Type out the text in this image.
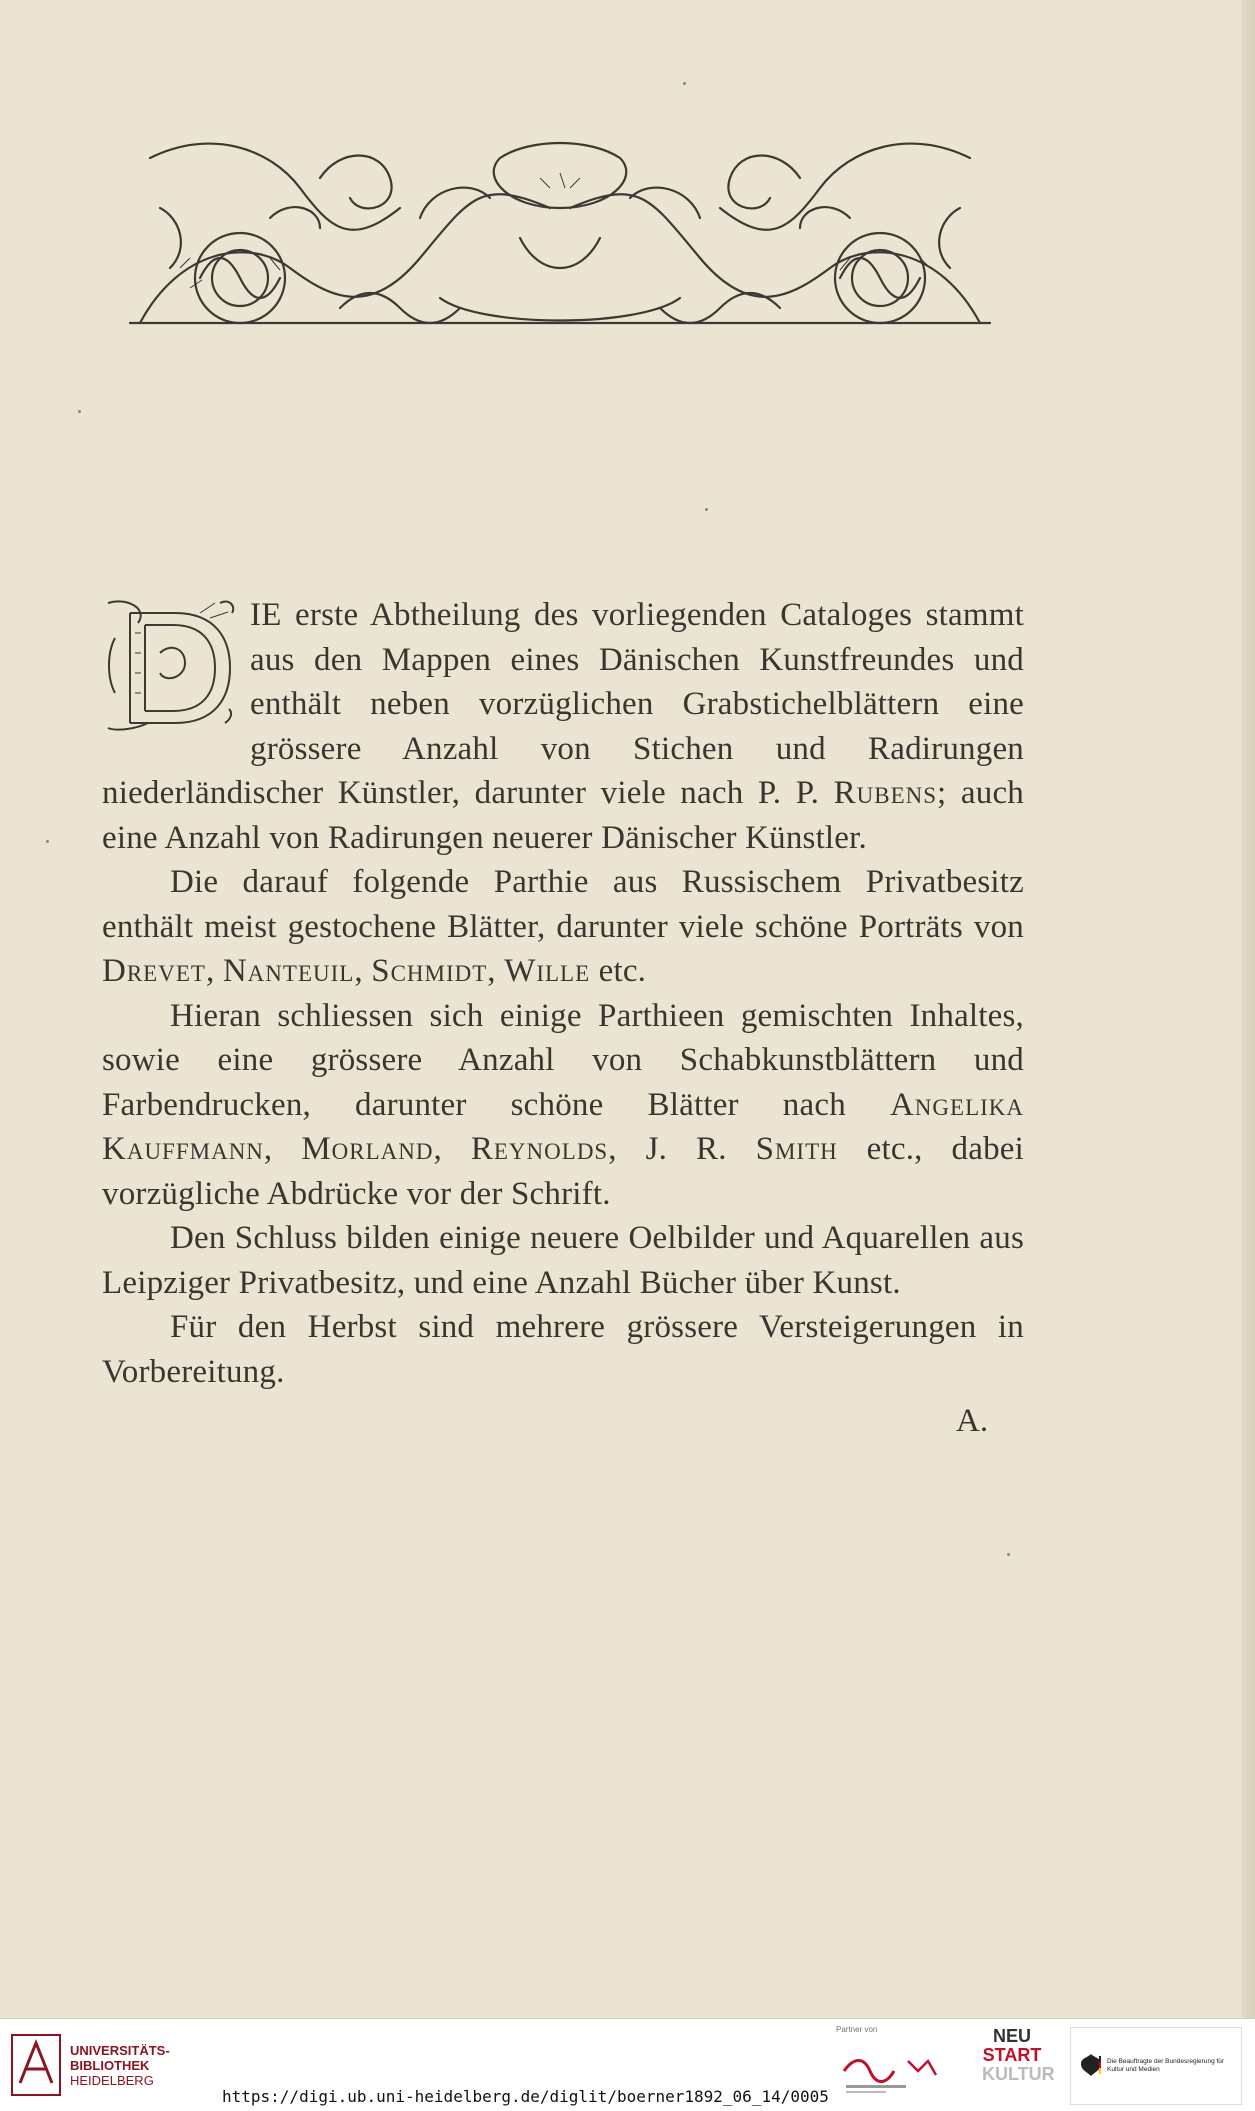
IE erste Abtheilung des vorliegenden Cataloges stammt aus den Mappen eines Dänischen Kunstfreundes und enthält neben vorzüglichen Grabstichelblättern eine grössere Anzahl von Stichen und Radirungen niederländischer Künstler, darunter viele nach P. P. Rubens; auch eine Anzahl von Radirungen neuerer Dänischer Künstler.

Die darauf folgende Parthie aus Russischem Privatbesitz enthält meist gestochene Blätter, darunter viele schöne Porträts von Drevet, Nanteuil, Schmidt, Wille etc.

Hieran schliessen sich einige Parthieen gemischten Inhaltes, sowie eine grössere Anzahl von Schabkunstblättern und Farbendrucken, darunter schöne Blätter nach Angelika Kauffmann, Morland, Reynolds, J. R. Smith etc., dabei vorzügliche Abdrücke vor der Schrift.

Den Schluss bilden einige neuere Oelbilder und Aquarellen aus Leipziger Privatbesitz, und eine Anzahl Bücher über Kunst.

Für den Herbst sind mehrere grössere Versteigerungen in Vorbereitung.

A.
UNIVERSITÄTS-
BIBLIOTHEK
HEIDELBERG
https://digi.ub.uni-heidelberg.de/diglit/boerner1892_06_14/0005
Partner von	NEU
START
KULTUR
Die Beauftragte der Bundesregierung für Kultur und Medien
